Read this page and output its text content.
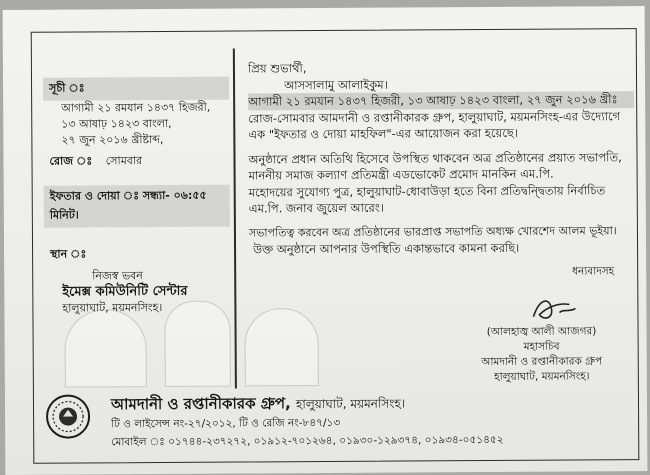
সূচী ঃ
আগামী ২১ রমযান ১৪৩৭ হিজরী,
১৩ আষাঢ় ১৪২৩ বাংলা,
২৭ জুন ২০১৬ খ্রীষ্টাব্দ,
রোজ ঃ সোমবার
ইফতার ও দোয়া ঃ সন্ধ্যা- ০৬:৫৫ মিনিট।
স্থান ঃ
নিজস্ব ভবন
ইমেক্স কমিউনিটি সেন্টার
হালুয়াঘাট, ময়মনসিংহ।

প্রিয় শুভার্থী,

আসসালামু আলাইকুম।

আগামী ২১ রমযান ১৪৩৭ হিজরী, ১৩ আষাঢ় ১৪২৩ বাংলা, ২৭ জুন ২০১৬ খ্রীঃ

রোজ-সোমবার আমদানী ও রপ্তানীকারক গ্রুপ, হালুয়াঘাট, ময়মনসিংহ-এর উদ্যোগে

এক "ইফতার ও দোয়া মাহফিল"-এর আয়োজন করা হয়েছে।

অনুষ্ঠানে প্রধান অতিথি হিসেবে উপস্থিত থাকবেন অত্র প্রতিষ্ঠানের প্রয়াত সভাপতি,

মাননীয় সমাজ কল্যাণ প্রতিমন্ত্রী এডভোকেট প্রমোদ মানকিন এম.পি.

মহোদয়ের সুযোগ্য পুত্র, হালুয়াঘাট-ধোবাউড়া হতে বিনা প্রতিদ্বন্দ্বিতায় নির্বাচিত

এম.পি. জনাব জুয়েল আরেং।

সভাপতিত্ব করবেন অত্র প্রতিষ্ঠানের ভারপ্রাপ্ত সভাপতি অধ্যক্ষ খোরশেদ আলম ভূইয়া।

উক্ত অনুষ্ঠানে আপনার উপস্থিতি একান্তভাবে কামনা করছি।

ধন্যবাদসহ
(আলহাজ্ব আলী আজগর)
মহাসচিব
আমদানী ও রপ্তানীকারক গ্রুপ
হালুয়াঘাট, ময়মনসিংহ।
আমদানী ও রপ্তানীকারক গ্রুপ, হালুয়াঘাট, ময়মনসিংহ।
টি ও লাইসেন্স নং-২৭/২০১২, টি ও রেজি নং-৮৪৭/১৩
মোবাইল ঃ ০১৭৪৪-২৩৭২৭২, ০১৯১২-৭০১২৬৪, ০১৯৩০-১২৯৩৭৪, ০১৯৩৪-০৫১৪৫২
